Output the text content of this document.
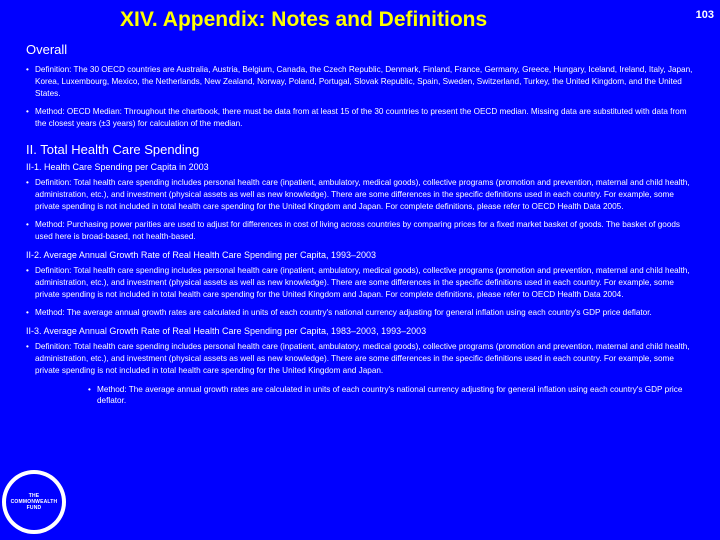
XIV. Appendix: Notes and Definitions	103
Overall
• Definition: The 30 OECD countries are Australia, Austria, Belgium, Canada, the Czech Republic, Denmark, Finland, France, Germany, Greece, Hungary, Iceland, Ireland, Italy, Japan, Korea, Luxembourg, Mexico, the Netherlands, New Zealand, Norway, Poland, Portugal, Slovak Republic, Spain, Sweden, Switzerland, Turkey, the United Kingdom, and the United States.
• Method: OECD Median: Throughout the chartbook, there must be data from at least 15 of the 30 countries to present the OECD median. Missing data are substituted with data from the closest years (±3 years) for calculation of the median.
II. Total Health Care Spending
II-1. Health Care Spending per Capita in 2003
• Definition: Total health care spending includes personal health care (inpatient, ambulatory, medical goods), collective programs (promotion and prevention, maternal and child health, administration, etc.), and investment (physical assets as well as new knowledge). There are some differences in the specific definitions used in each country. For example, some private spending is not included in total health care spending for the United Kingdom and Japan. For complete definitions, please refer to OECD Health Data 2005.
• Method: Purchasing power parities are used to adjust for differences in cost of living across countries by comparing prices for a fixed market basket of goods. The basket of goods used here is broad-based, not health-based.
II-2. Average Annual Growth Rate of Real Health Care Spending per Capita, 1993–2003
• Definition: Total health care spending includes personal health care (inpatient, ambulatory, medical goods), collective programs (promotion and prevention, maternal and child health, administration, etc.), and investment (physical assets as well as new knowledge). There are some differences in the specific definitions used in each country. For example, some private spending is not included in total health care spending for the United Kingdom and Japan. For complete definitions, please refer to OECD Health Data 2004.
• Method: The average annual growth rates are calculated in units of each country's national currency adjusting for general inflation using each country's GDP price deflator.
II-3. Average Annual Growth Rate of Real Health Care Spending per Capita, 1983–2003, 1993–2003
• Definition: Total health care spending includes personal health care (inpatient, ambulatory, medical goods), collective programs (promotion and prevention, maternal and child health, administration, etc.), and investment (physical assets as well as new knowledge). There are some differences in the specific definitions used in each country. For example, some private spending is not included in total health care spending for the United Kingdom and Japan.
• Method: The average annual growth rates are calculated in units of each country's national currency adjusting for general inflation using each country's GDP price deflator.
THE
COMMONWEALTH
FUND
